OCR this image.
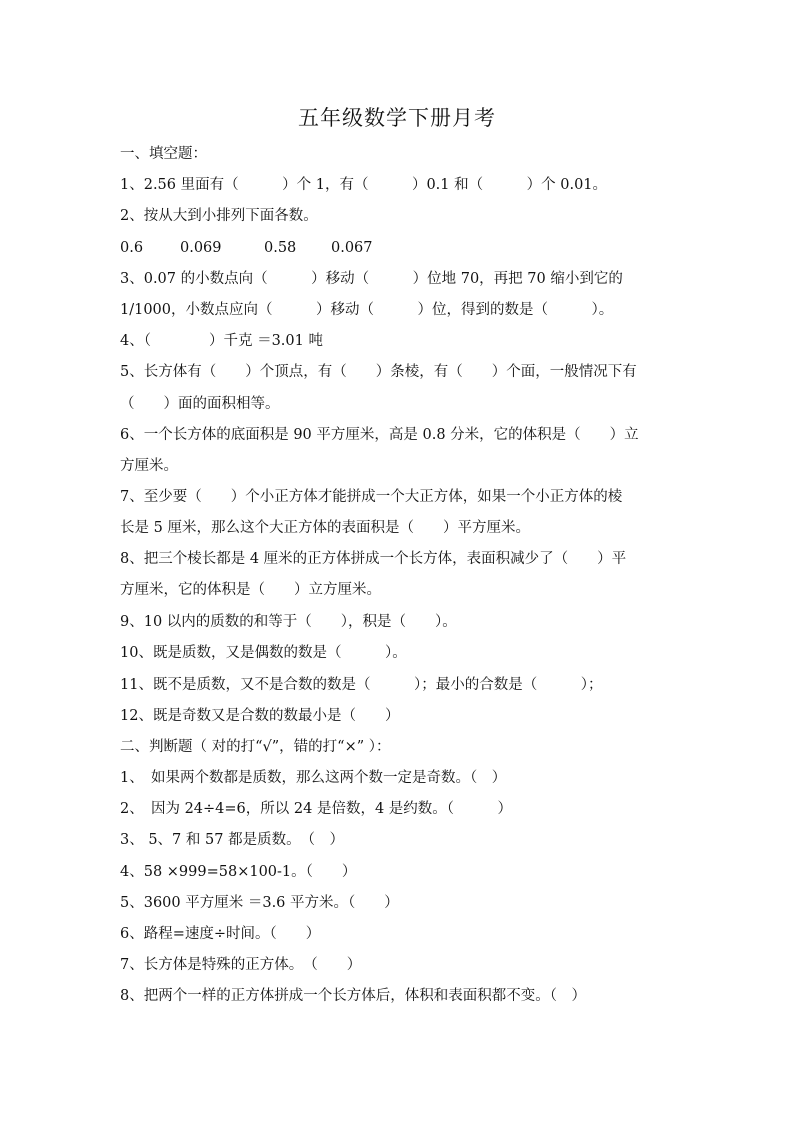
五年级数学下册月考
一、填空题：
1、2.56 里面有（　　　）个 1，有（　　　）0.1 和（　　　）个 0.01。
2、按从大到小排列下面各数。
0.6	0.069	0.58 0.067
3、0.07 的小数点向（　　　）移动（　　　）位地 70，再把 70 缩小到它的
1/1000，小数点应向（　　　）移动（　　　）位，得到的数是（　　　）。
4、（　　　　）千克 ＝3.01 吨
5、长方体有（　　）个顶点，有（　　）条棱，有（　　）个面，一般情况下有
（　　）面的面积相等。
6、一个长方体的底面积是 90 平方厘米，高是 0.8 分米，它的体积是（　　）立
方厘米。
7、至少要（　　）个小正方体才能拼成一个大正方体，如果一个小正方体的棱
长是 5 厘米，那么这个大正方体的表面积是（　　）平方厘米。
8、把三个棱长都是 4 厘米的正方体拼成一个长方体，表面积减少了（　　）平
方厘米，它的体积是（　　）立方厘米。
9、10 以内的质数的和等于（　　），积是（　　）。
10、既是质数，又是偶数的数是（　　　）。
11、既不是质数，又不是合数的数是（　　　）；最小的合数是（　　　）；
12、既是奇数又是合数的数最小是（　　）
二、判断题（ 对的打“√”，错的打“×” ）：
1、　如果两个数都是质数，那么这两个数一定是奇数。（　）
2、　因为 24÷4=6，所以 24 是倍数，4 是约数。（　　　）
3、 5、7 和 57 都是质数。　（　）
4、58 ×999=58×100-1。（　　）
5、3600 平方厘米 ＝3.6 平方米。（　　）
6、路程=速度÷时间。（　　）
7、长方体是特殊的正方体。　（　　）
8、把两个一样的正方体拼成一个长方体后，体积和表面积都不变。（　）
